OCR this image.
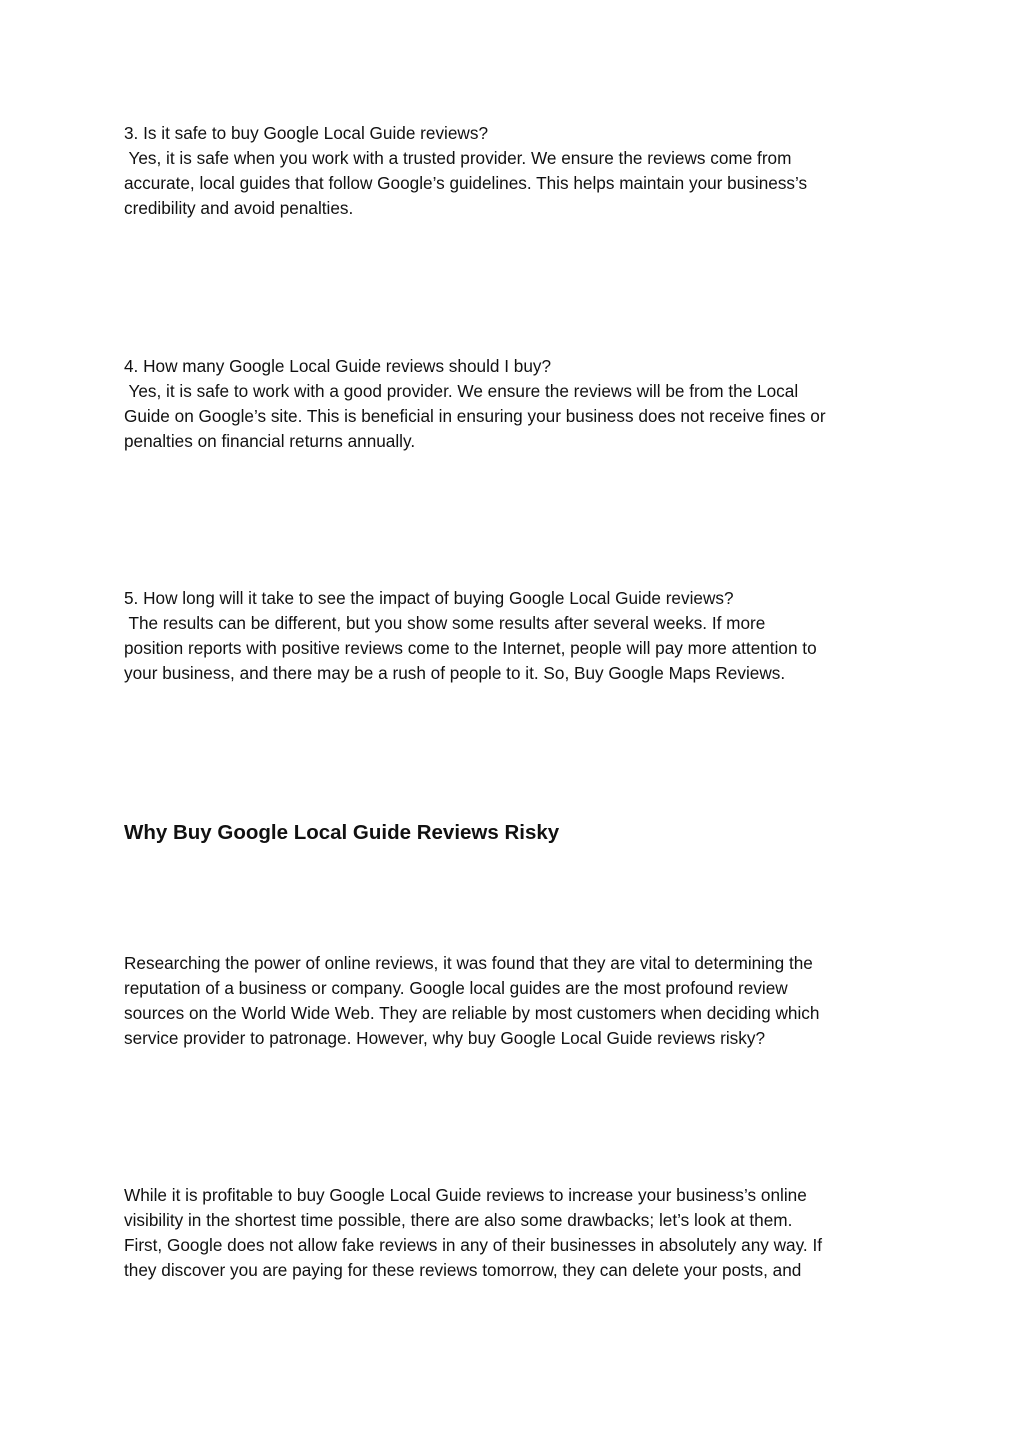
3. Is it safe to buy Google Local Guide reviews?
Yes, it is safe when you work with a trusted provider. We ensure the reviews come from
accurate, local guides that follow Google’s guidelines. This helps maintain your business’s
credibility and avoid penalties.
4. How many Google Local Guide reviews should I buy?
Yes, it is safe to work with a good provider. We ensure the reviews will be from the Local
Guide on Google’s site. This is beneficial in ensuring your business does not receive fines or
penalties on financial returns annually.
5. How long will it take to see the impact of buying Google Local Guide reviews?
The results can be different, but you show some results after several weeks. If more
position reports with positive reviews come to the Internet, people will pay more attention to
your business, and there may be a rush of people to it. So, Buy Google Maps Reviews.
Why Buy Google Local Guide Reviews Risky
Researching the power of online reviews, it was found that they are vital to determining the
reputation of a business or company. Google local guides are the most profound review
sources on the World Wide Web. They are reliable by most customers when deciding which
service provider to patronage. However, why buy Google Local Guide reviews risky?
While it is profitable to buy Google Local Guide reviews to increase your business’s online
visibility in the shortest time possible, there are also some drawbacks; let’s look at them.
First, Google does not allow fake reviews in any of their businesses in absolutely any way. If
they discover you are paying for these reviews tomorrow, they can delete your posts, and
